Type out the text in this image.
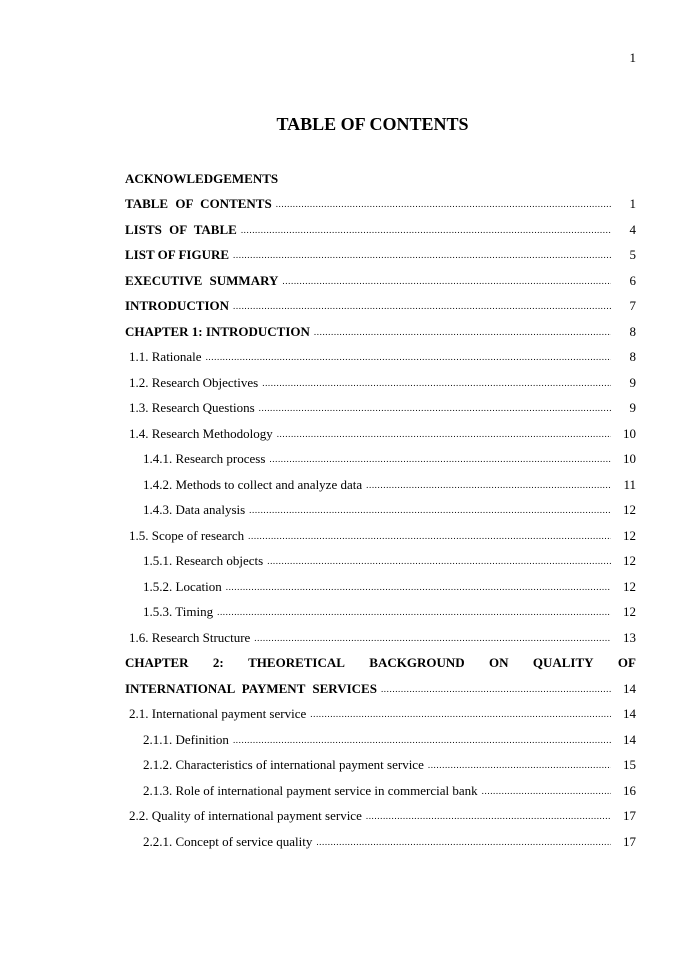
1
TABLE OF CONTENTS
ACKNOWLEDGEMENTS
TABLE OF CONTENTS .....	1
LISTS OF TABLE .....	4
LIST OF FIGURE .....	5
EXECUTIVE SUMMARY .....	6
INTRODUCTION .....	7
CHAPTER 1: INTRODUCTION .....	8
1.1. Rationale .....	8
1.2. Research Objectives .....	9
1.3. Research Questions .....	9
1.4. Research Methodology .....	10
1.4.1. Research process .....	10
1.4.2. Methods to collect and analyze data .....	11
1.4.3. Data analysis .....	12
1.5. Scope of research .....	12
1.5.1. Research objects .....	12
1.5.2. Location .....	12
1.5.3. Timing .....	12
1.6. Research Structure .....	13
CHAPTER 2: THEORETICAL BACKGROUND ON QUALITY OF
INTERNATIONAL PAYMENT SERVICES .....	14
2.1. International payment service .....	14
2.1.1. Definition .....	14
2.1.2. Characteristics of international payment service .....	15
2.1.3. Role of international payment service in commercial bank .....	16
2.2. Quality of international payment service .....	17
2.2.1. Concept of service quality .....	17
